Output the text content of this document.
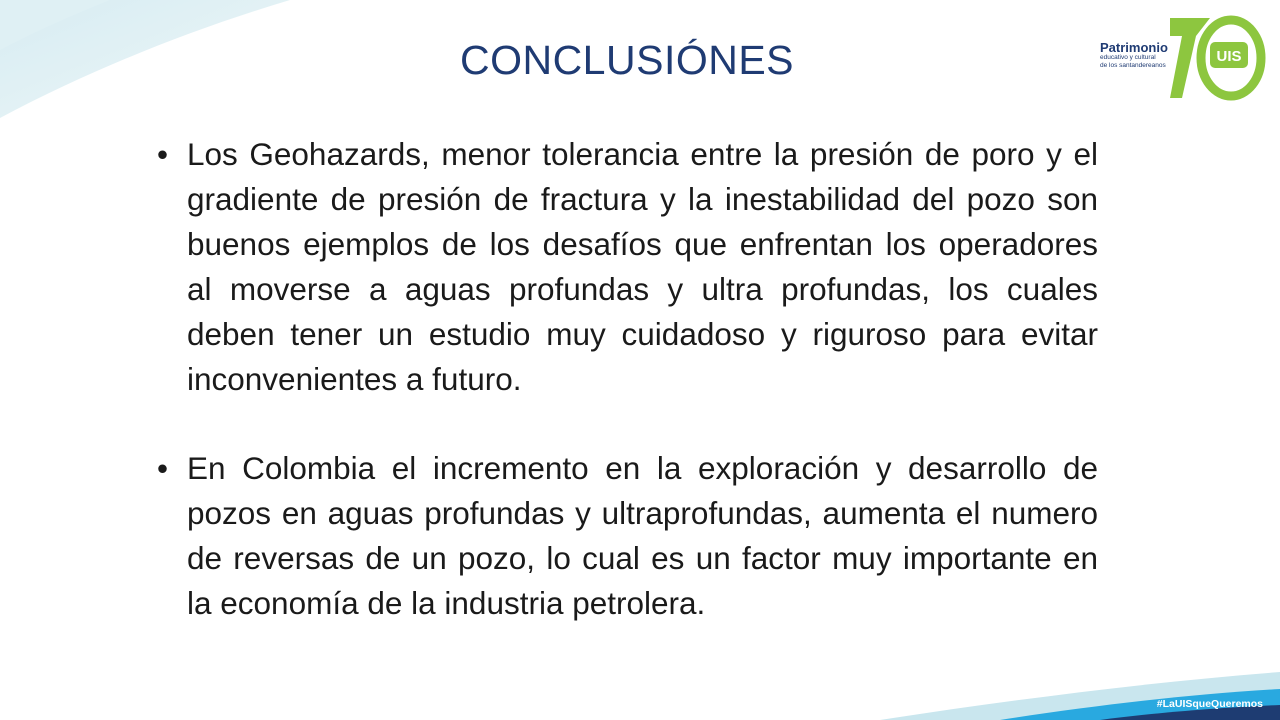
CONCLUSIÓNES
• Los Geohazards, menor tolerancia entre la presión de poro y el gradiente de presión de fractura y la inestabilidad del pozo son buenos ejemplos de los desafíos que enfrentan los operadores al moverse a aguas profundas y ultra profundas, los cuales deben tener un estudio muy cuidadoso y riguroso para evitar inconvenientes a futuro.
• En Colombia el incremento en la exploración y desarrollo de pozos en aguas profundas y ultraprofundas, aumenta el numero de reversas de un pozo, lo cual es un factor muy importante en la economía de la industria petrolera.
UIS
Patrimonio
educativo y cultural
de los santandereanos
#LaUISqueQueremos
